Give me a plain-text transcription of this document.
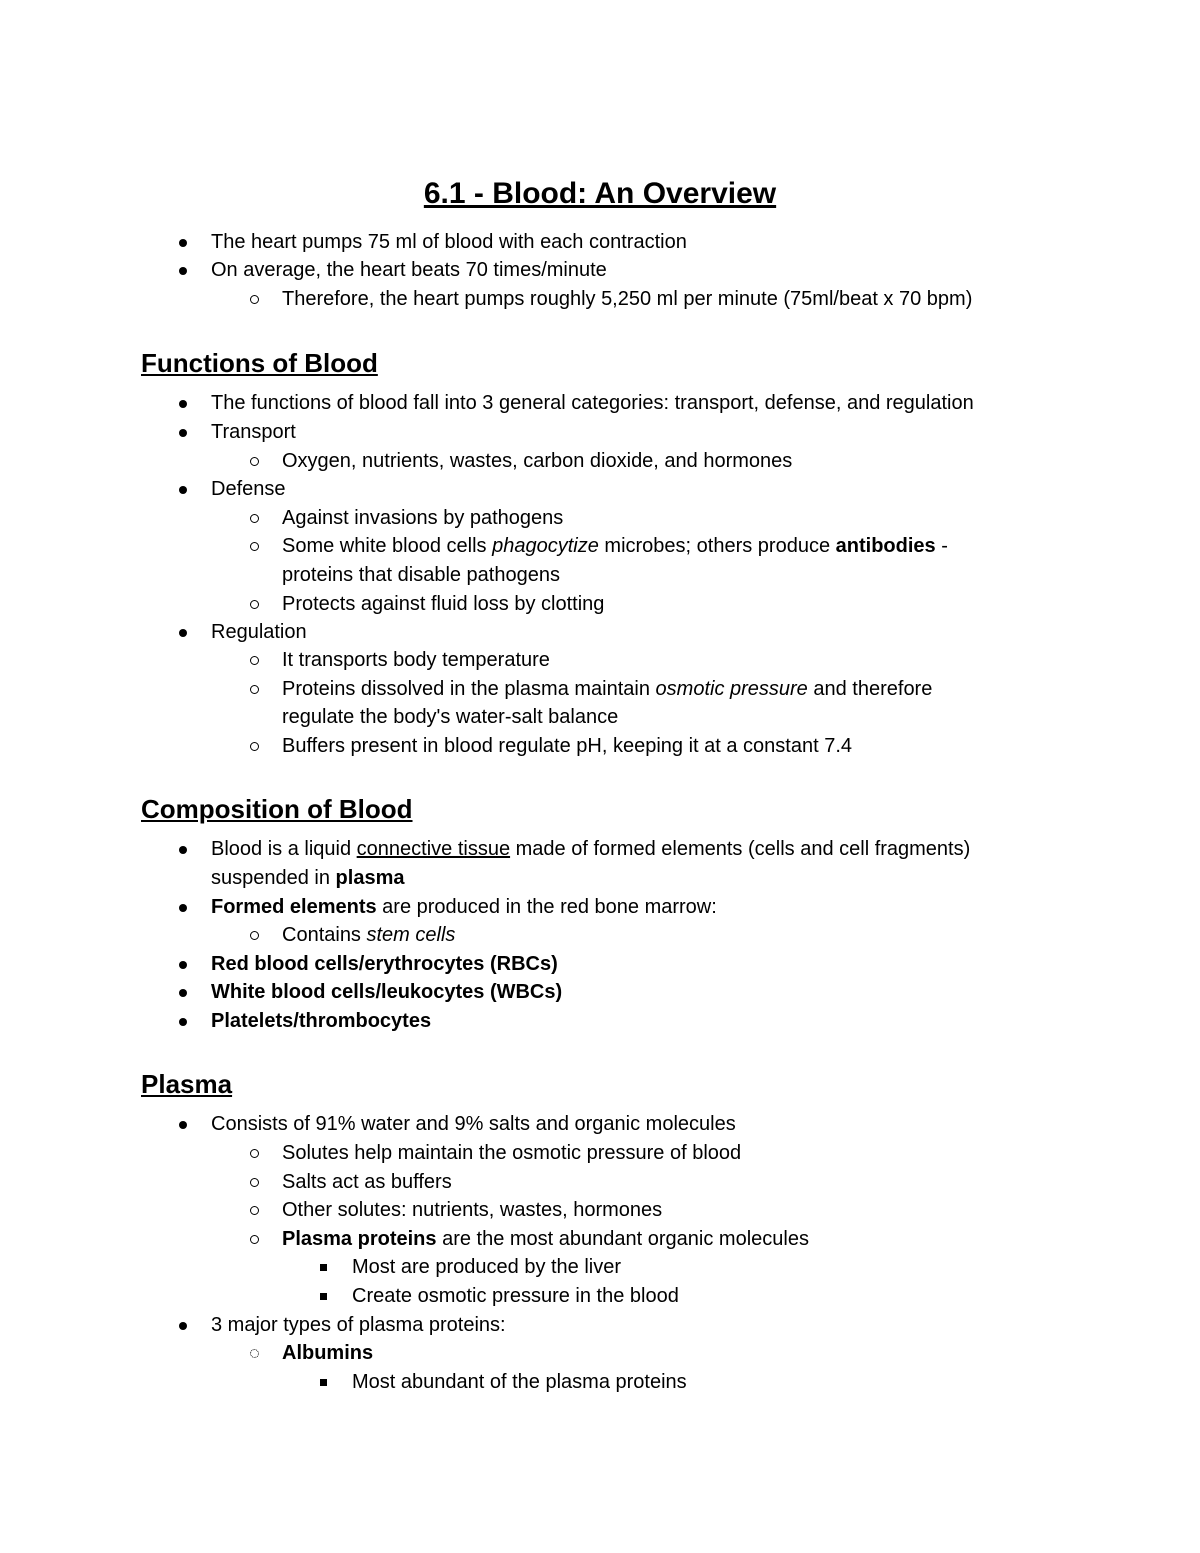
6.1 - Blood: An Overview
The heart pumps 75 ml of blood with each contraction
On average, the heart beats 70 times/minute
Therefore, the heart pumps roughly 5,250 ml per minute (75ml/beat x 70 bpm)
Functions of Blood
The functions of blood fall into 3 general categories: transport, defense, and regulation
Transport
Oxygen, nutrients, wastes, carbon dioxide, and hormones
Defense
Against invasions by pathogens
Some white blood cells phagocytize microbes; others produce antibodies -
proteins that disable pathogens
Protects against fluid loss by clotting
Regulation
It transports body temperature
Proteins dissolved in the plasma maintain osmotic pressure and therefore
regulate the body's water-salt balance
Buffers present in blood regulate pH, keeping it at a constant 7.4
Composition of Blood
Blood is a liquid connective tissue made of formed elements (cells and cell fragments)
suspended in plasma
Formed elements are produced in the red bone marrow:
Contains stem cells
Red blood cells/erythrocytes (RBCs)
White blood cells/leukocytes (WBCs)
Platelets/thrombocytes
Plasma
Consists of 91% water and 9% salts and organic molecules
Solutes help maintain the osmotic pressure of blood
Salts act as buffers
Other solutes: nutrients, wastes, hormones
Plasma proteins are the most abundant organic molecules
Most are produced by the liver
Create osmotic pressure in the blood
3 major types of plasma proteins:
Albumins
Most abundant of the plasma proteins
